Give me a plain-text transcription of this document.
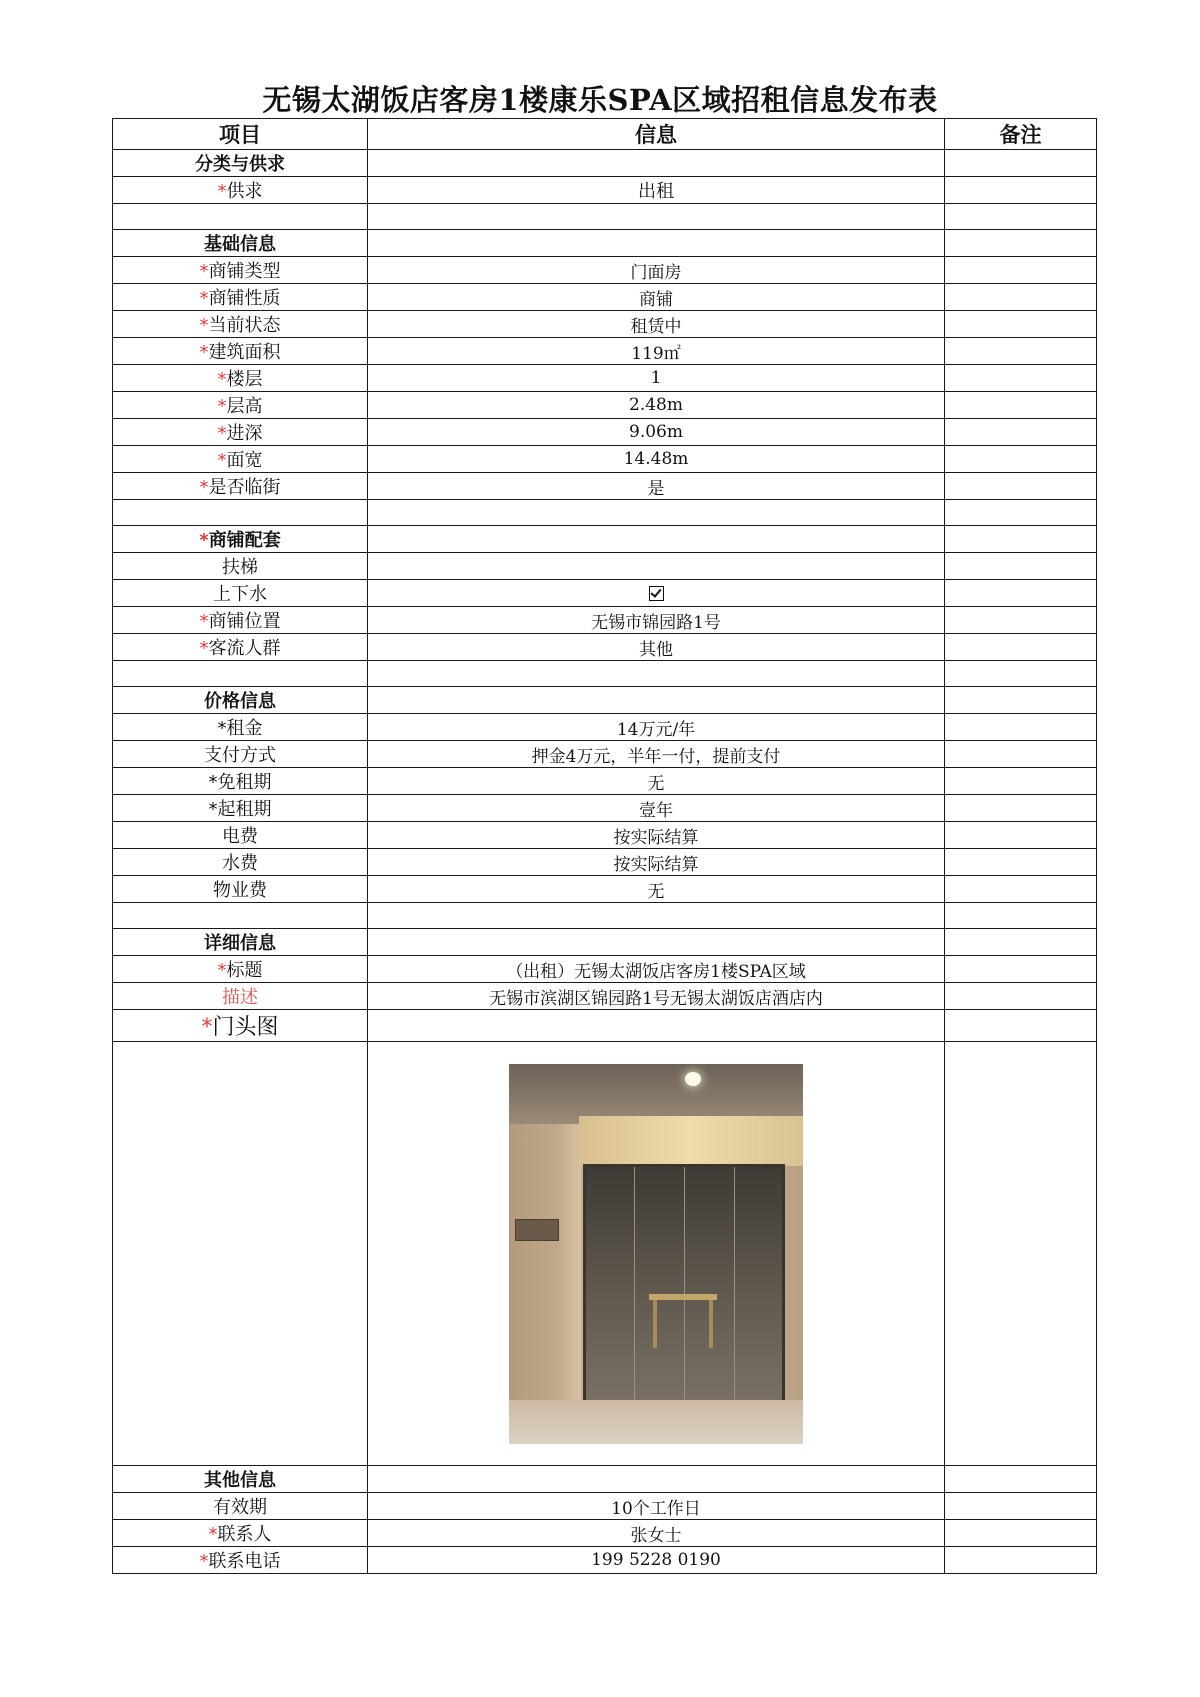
无锡太湖饭店客房1楼康乐SPA区域招租信息发布表
项目	信息	备注
分类与供求		
*供求	出租	

基础信息		
*商铺类型	门面房	
*商铺性质	商铺	
*当前状态	租赁中	
*建筑面积	119㎡	
*楼层	1	
*层高	2.48m	
*进深	9.06m	
*面宽	14.48m	
*是否临街	是	

*商铺配套		
扶梯		
上下水		
*商铺位置	无锡市锦园路1号	
*客流人群	其他	

价格信息		
*租金	14万元/年	
支付方式	押金4万元，半年一付，提前支付	
*免租期	无	
*起租期	壹年	
电费	按实际结算	
水费	按实际结算	
物业费	无	

详细信息		
*标题	（出租）无锡太湖饭店客房1楼SPA区域	
描述	无锡市滨湖区锦园路1号无锡太湖饭店酒店内	
*门头图		

其他信息		
有效期	10个工作日	
*联系人	张女士	
*联系电话	199 5228 0190	
